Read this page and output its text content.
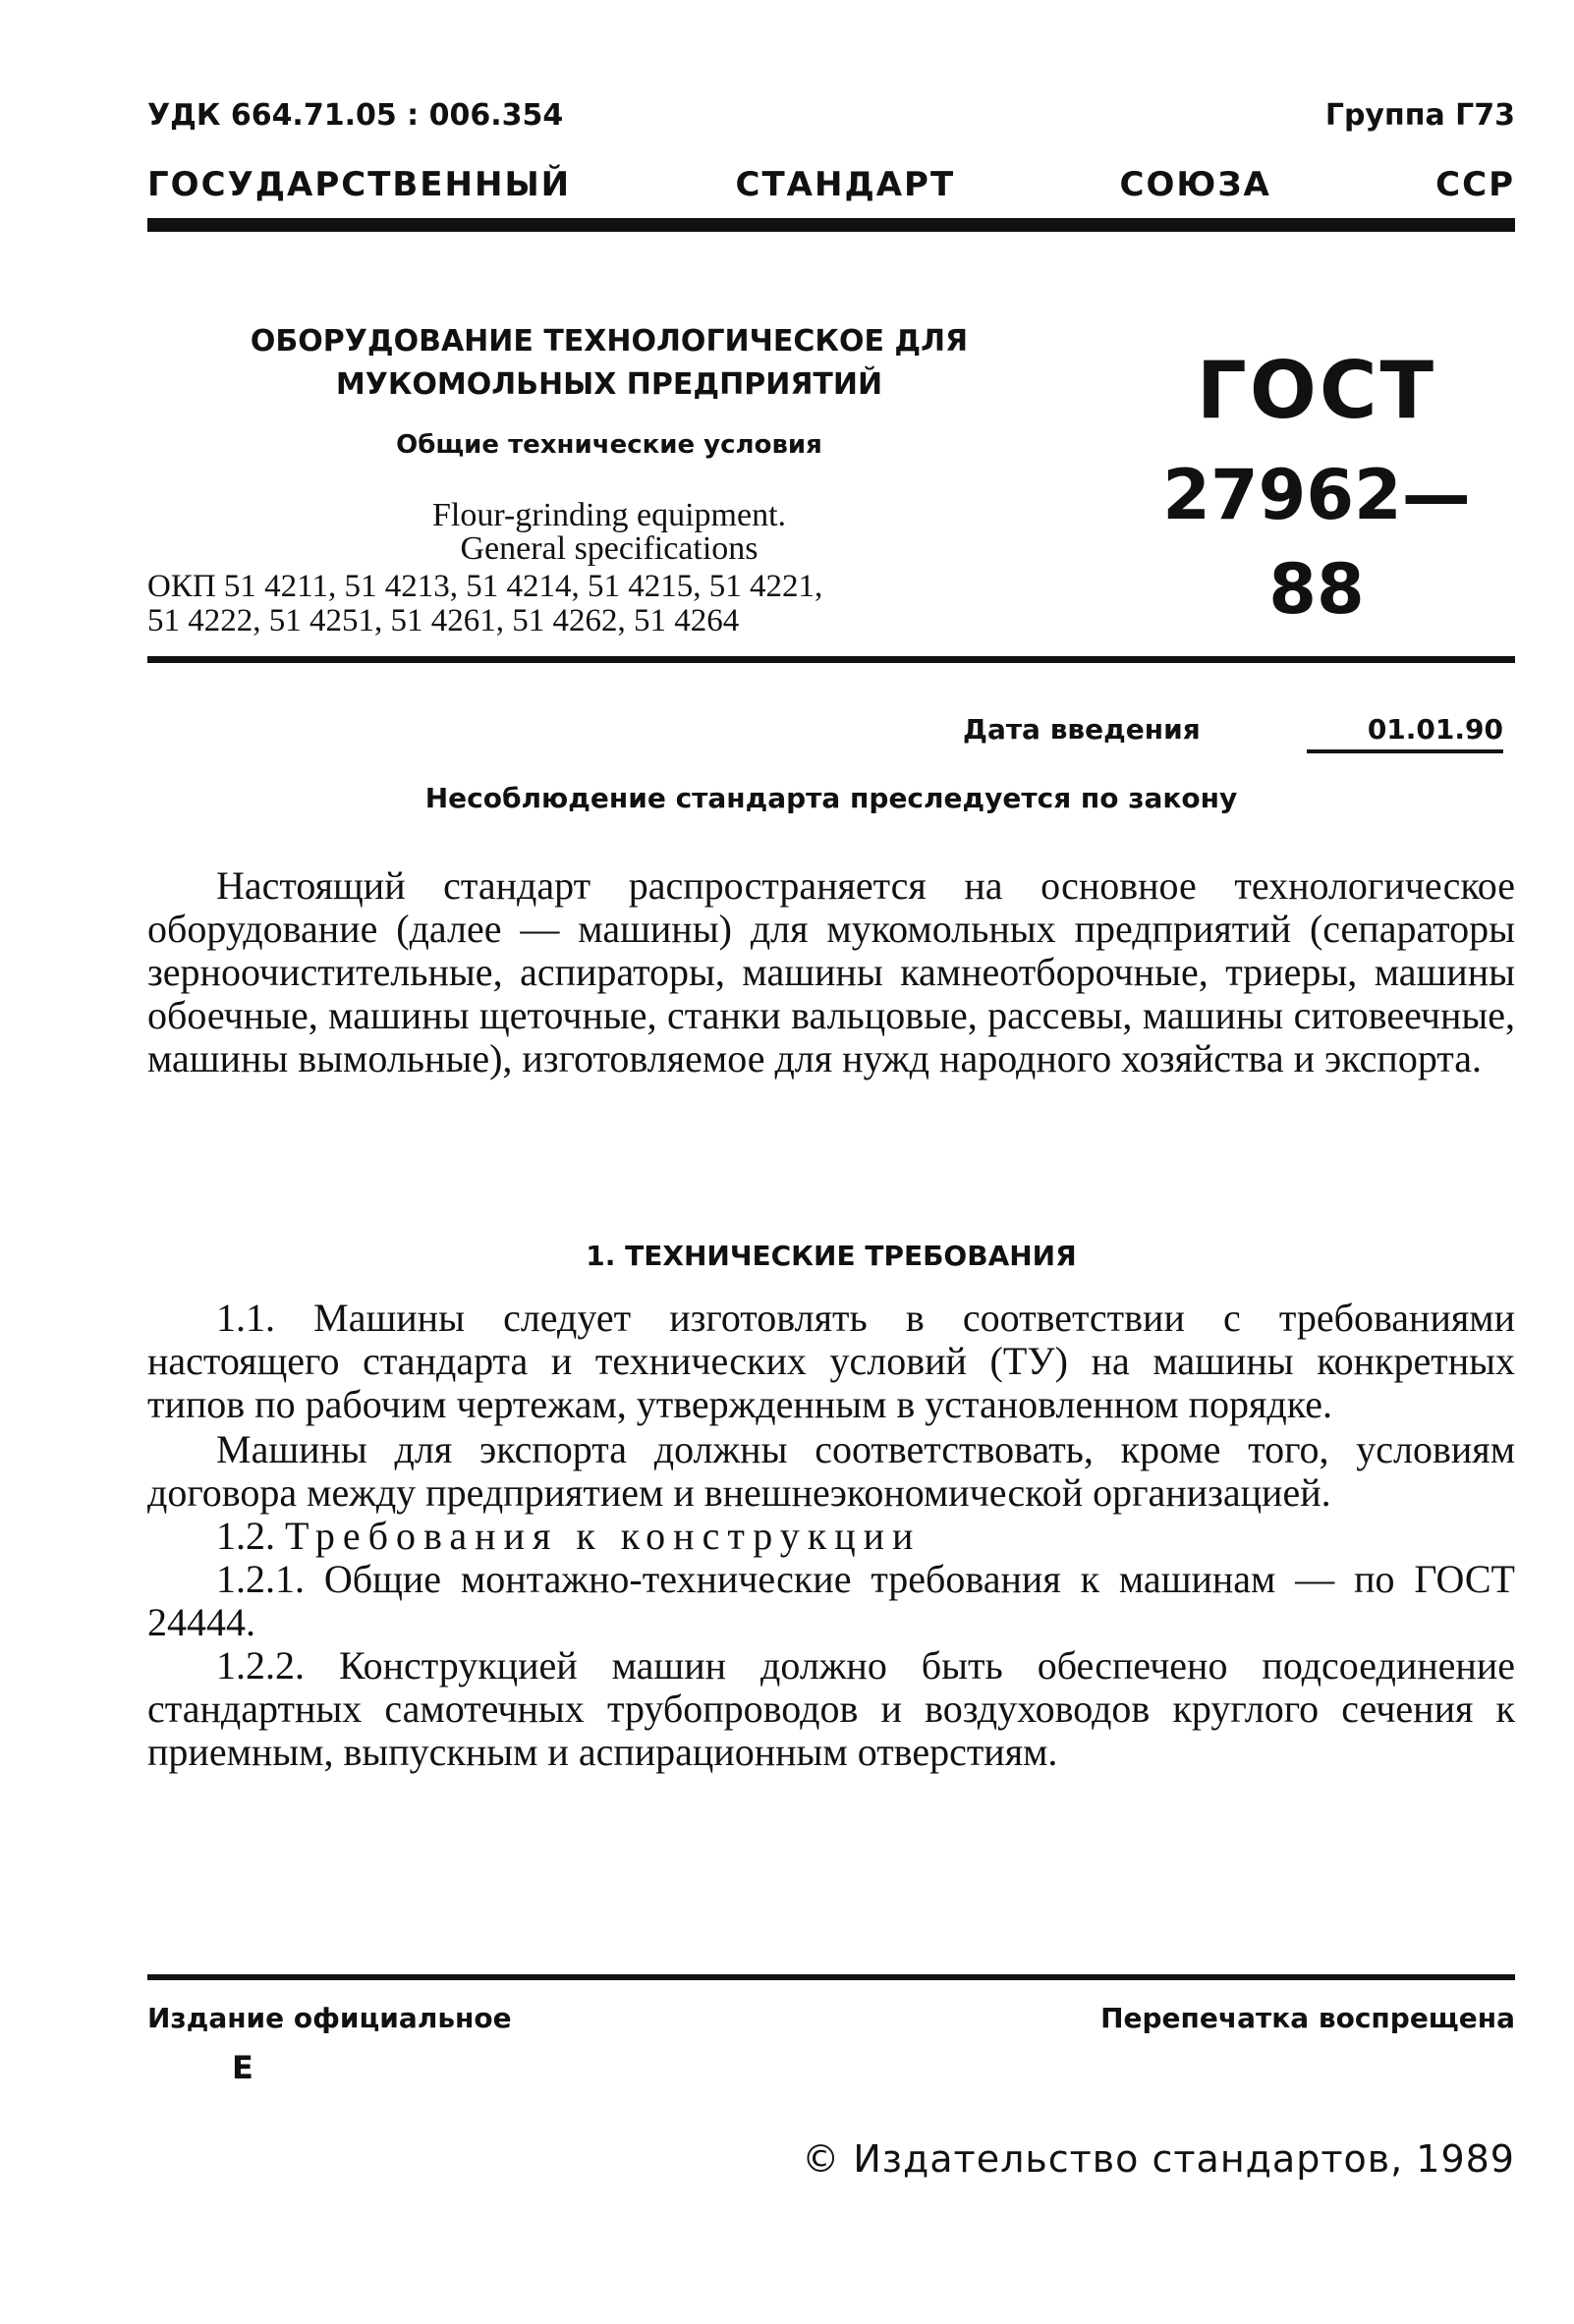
УДК 664.71.05 : 006.354	Группа Г73
ГОСУДАРСТВЕННЫЙ	СТАНДАРТ	СОЮЗА	ССР
ОБОРУДОВАНИЕ ТЕХНОЛОГИЧЕСКОЕ ДЛЯ
МУКОМОЛЬНЫХ ПРЕДПРИЯТИЙ
Общие технические условия
Flour-grinding equipment.
General specifications
ОКП 51 4211, 51 4213, 51 4214, 51 4215, 51 4221,
51 4222, 51 4251, 51 4261, 51 4262, 51 4264
ГОСТ
27962—88
Дата введения	01.01.90
Несоблюдение стандарта преследуется по закону

Настоящий стандарт распространяется на основное технологическое оборудование (далее — машины) для мукомольных предприятий (сепараторы зерноочистительные, аспираторы, машины камнеотборочные, триеры, машины обоечные, машины щеточные, станки вальцовые, рассевы, машины ситовеечные, машины вымольные), изготовляемое для нужд народного хозяйства и экспорта.

1. ТЕХНИЧЕСКИЕ ТРЕБОВАНИЯ

1.1. Машины следует изготовлять в соответствии с требованиями настоящего стандарта и технических условий (ТУ) на машины конкретных типов по рабочим чертежам, утвержденным в установленном порядке.

Машины для экспорта должны соответствовать, кроме того, условиям договора между предприятием и внешнеэкономической организацией.

1.2. Требования к конструкции

1.2.1. Общие монтажно-технические требования к машинам — по ГОСТ 24444.

1.2.2. Конструкцией машин должно быть обеспечено подсоединение стандартных самотечных трубопроводов и воздуховодов круглого сечения к приемным, выпускным и аспирационным отверстиям.

Издание официальное
E
Перепечатка воспрещена
© Издательство стандартов, 1989
